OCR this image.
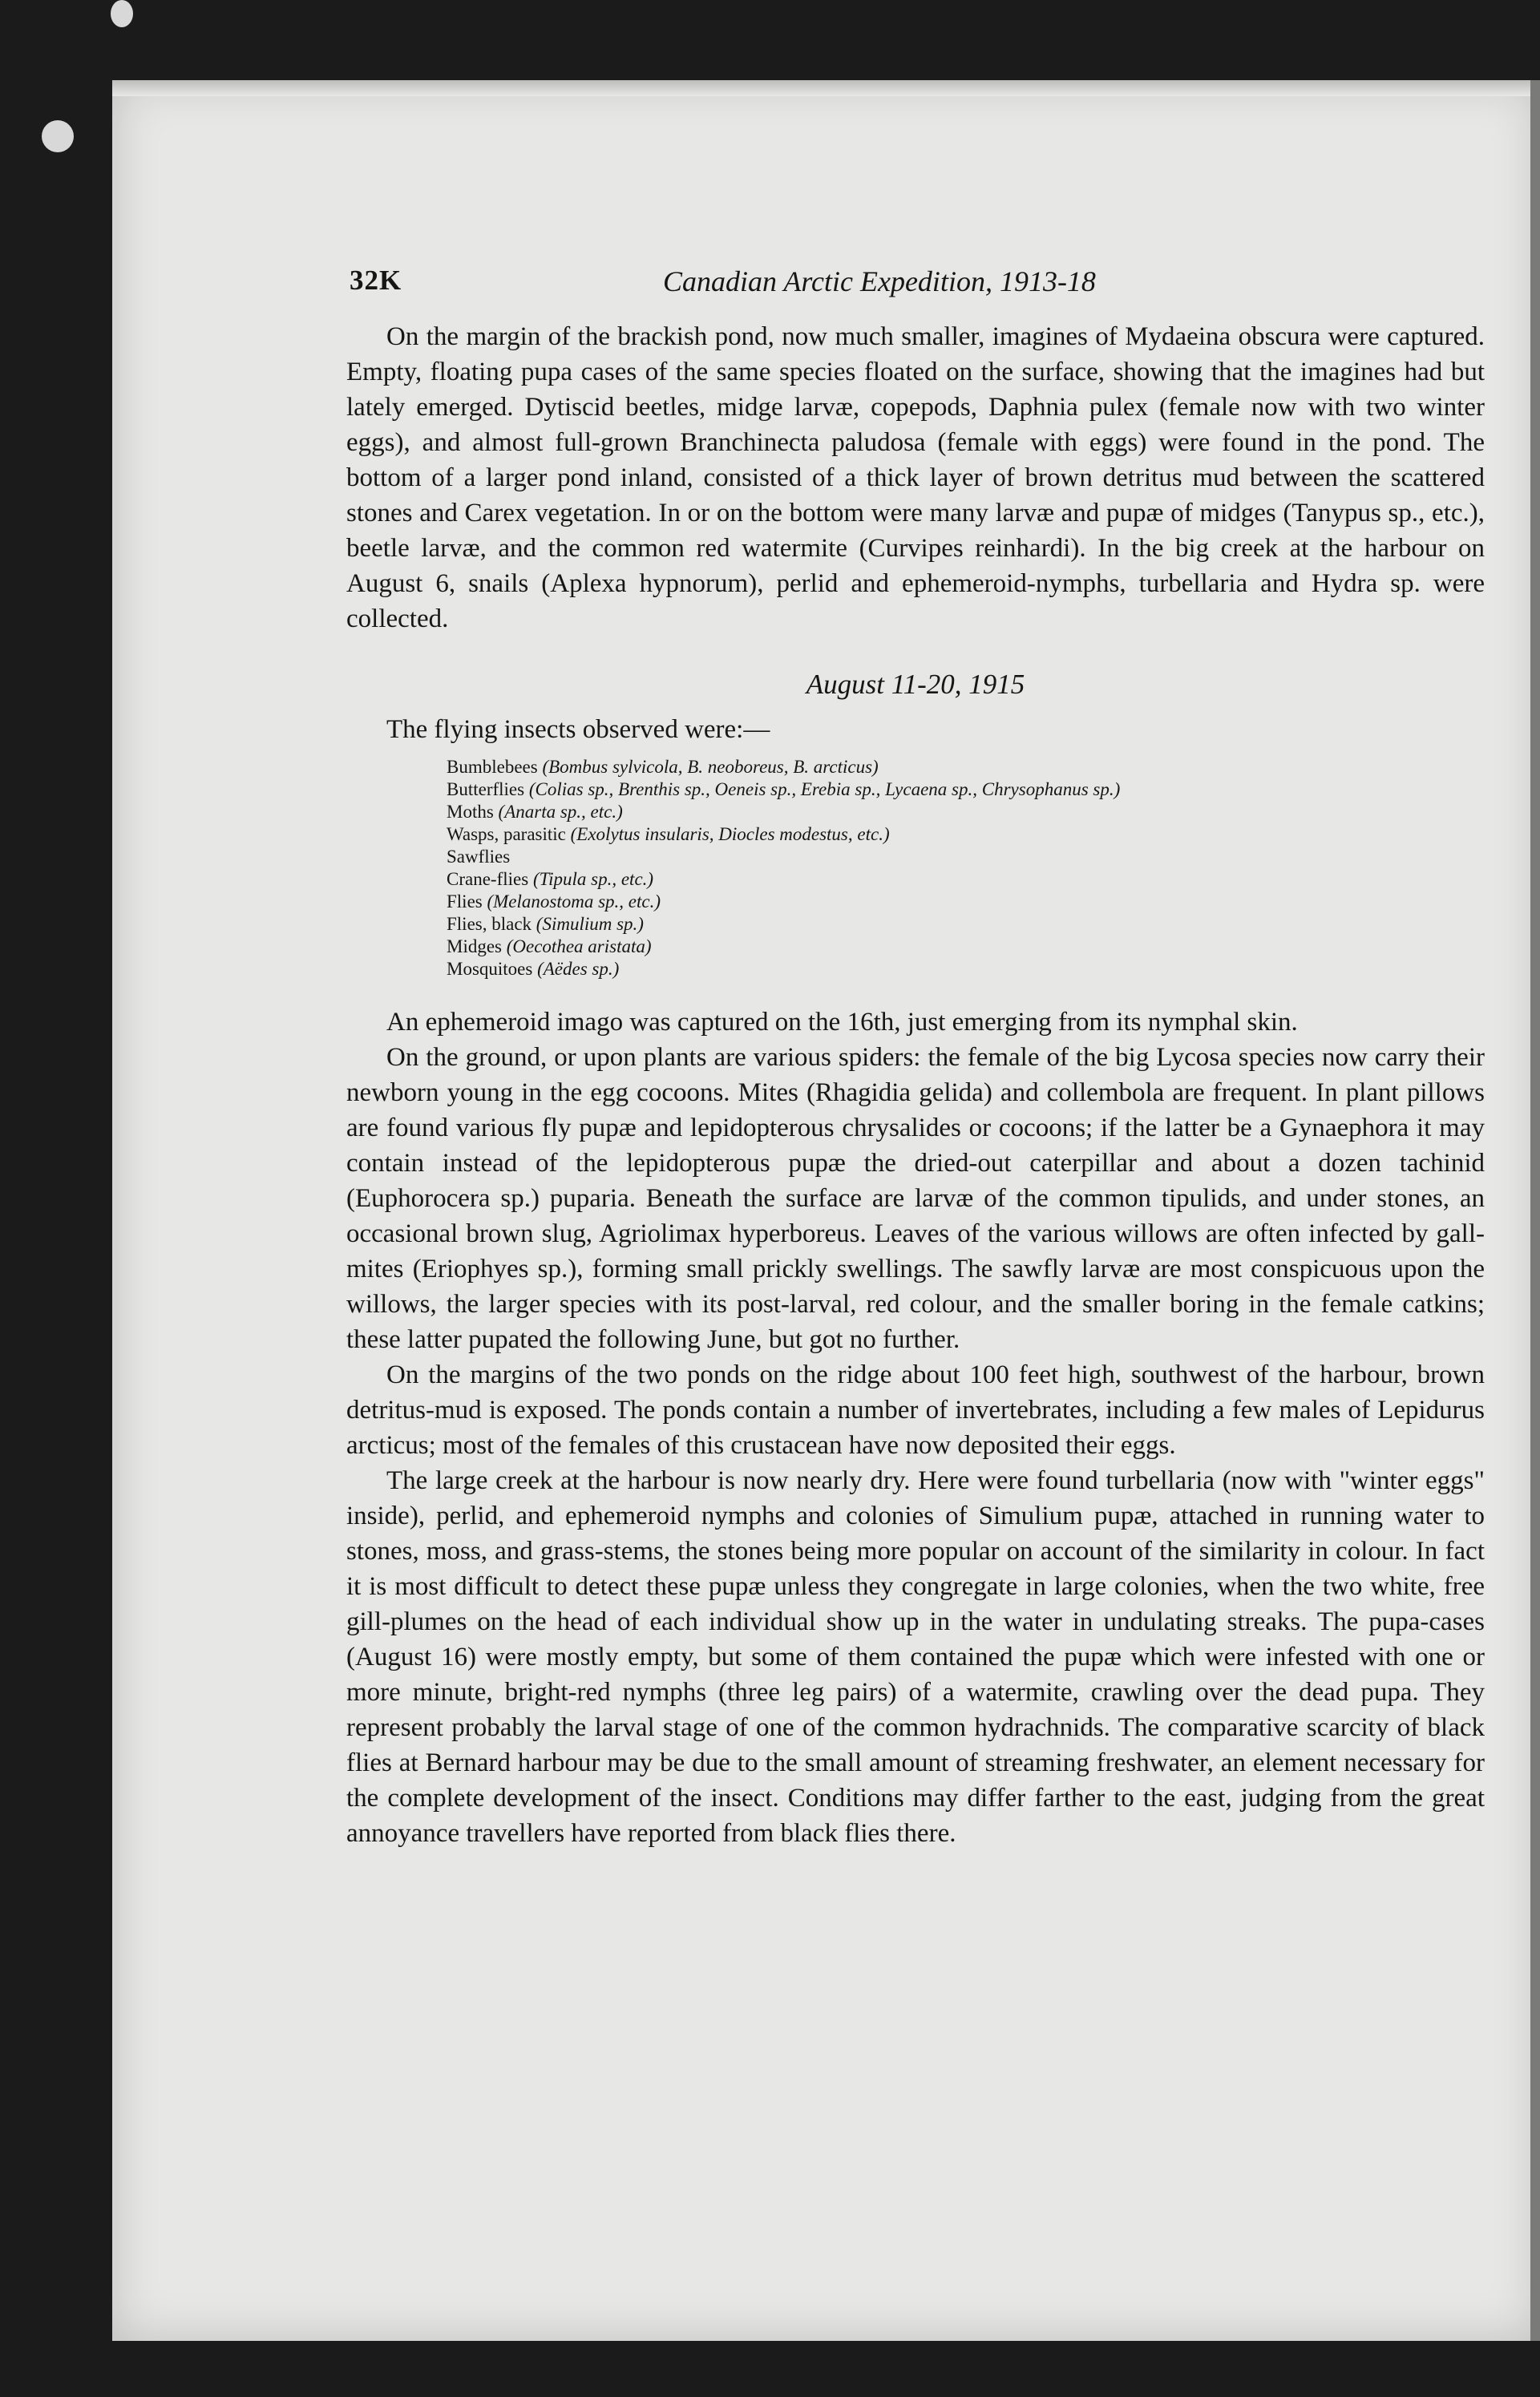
32K	Canadian Arctic Expedition, 1913-18

On the margin of the brackish pond, now much smaller, imagines of Mydaeina obscura were captured. Empty, floating pupa cases of the same species floated on the surface, showing that the imagines had but lately emerged. Dytiscid beetles, midge larvæ, copepods, Daphnia pulex (female now with two winter eggs), and almost full-grown Branchinecta paludosa (female with eggs) were found in the pond. The bottom of a larger pond inland, consisted of a thick layer of brown detritus mud between the scattered stones and Carex vegetation. In or on the bottom were many larvæ and pupæ of midges (Tanypus sp., etc.), beetle larvæ, and the common red watermite (Curvipes reinhardi). In the big creek at the harbour on August 6, snails (Aplexa hypnorum), perlid and ephemeroid-nymphs, turbellaria and Hydra sp. were collected.

August 11-20, 1915
The flying insects observed were:—

Bumblebees (Bombus sylvicola, B. neoboreus, B. arcticus)

Butterflies (Colias sp., Brenthis sp., Oeneis sp., Erebia sp., Lycaena sp., Chrysophanus sp.)

Moths (Anarta sp., etc.)

Wasps, parasitic (Exolytus insularis, Diocles modestus, etc.)

Sawflies

Crane-flies (Tipula sp., etc.)

Flies (Melanostoma sp., etc.)

Flies, black (Simulium sp.)

Midges (Oecothea aristata)

Mosquitoes (Aëdes sp.)

An ephemeroid imago was captured on the 16th, just emerging from its nymphal skin.

On the ground, or upon plants are various spiders: the female of the big Lycosa species now carry their newborn young in the egg cocoons. Mites (Rhagidia gelida) and collembola are frequent. In plant pillows are found various fly pupæ and lepidopterous chrysalides or cocoons; if the latter be a Gynaephora it may contain instead of the lepidopterous pupæ the dried-out caterpillar and about a dozen tachinid (Euphorocera sp.) puparia. Beneath the surface are larvæ of the common tipulids, and under stones, an occasional brown slug, Agriolimax hyperboreus. Leaves of the various willows are often infected by gall-mites (Eriophyes sp.), forming small prickly swellings. The sawfly larvæ are most conspicuous upon the willows, the larger species with its post-larval, red colour, and the smaller boring in the female catkins; these latter pupated the following June, but got no further.

On the margins of the two ponds on the ridge about 100 feet high, southwest of the harbour, brown detritus-mud is exposed. The ponds contain a number of invertebrates, including a few males of Lepidurus arcticus; most of the females of this crustacean have now deposited their eggs.

The large creek at the harbour is now nearly dry. Here were found turbellaria (now with "winter eggs" inside), perlid, and ephemeroid nymphs and colonies of Simulium pupæ, attached in running water to stones, moss, and grass-stems, the stones being more popular on account of the similarity in colour. In fact it is most difficult to detect these pupæ unless they congregate in large colonies, when the two white, free gill-plumes on the head of each individual show up in the water in undulating streaks. The pupa-cases (August 16) were mostly empty, but some of them contained the pupæ which were infested with one or more minute, bright-red nymphs (three leg pairs) of a watermite, crawling over the dead pupa. They represent probably the larval stage of one of the common hydrachnids. The comparative scarcity of black flies at Bernard harbour may be due to the small amount of streaming freshwater, an element necessary for the complete development of the insect. Conditions may differ farther to the east, judging from the great annoyance travellers have reported from black flies there.
